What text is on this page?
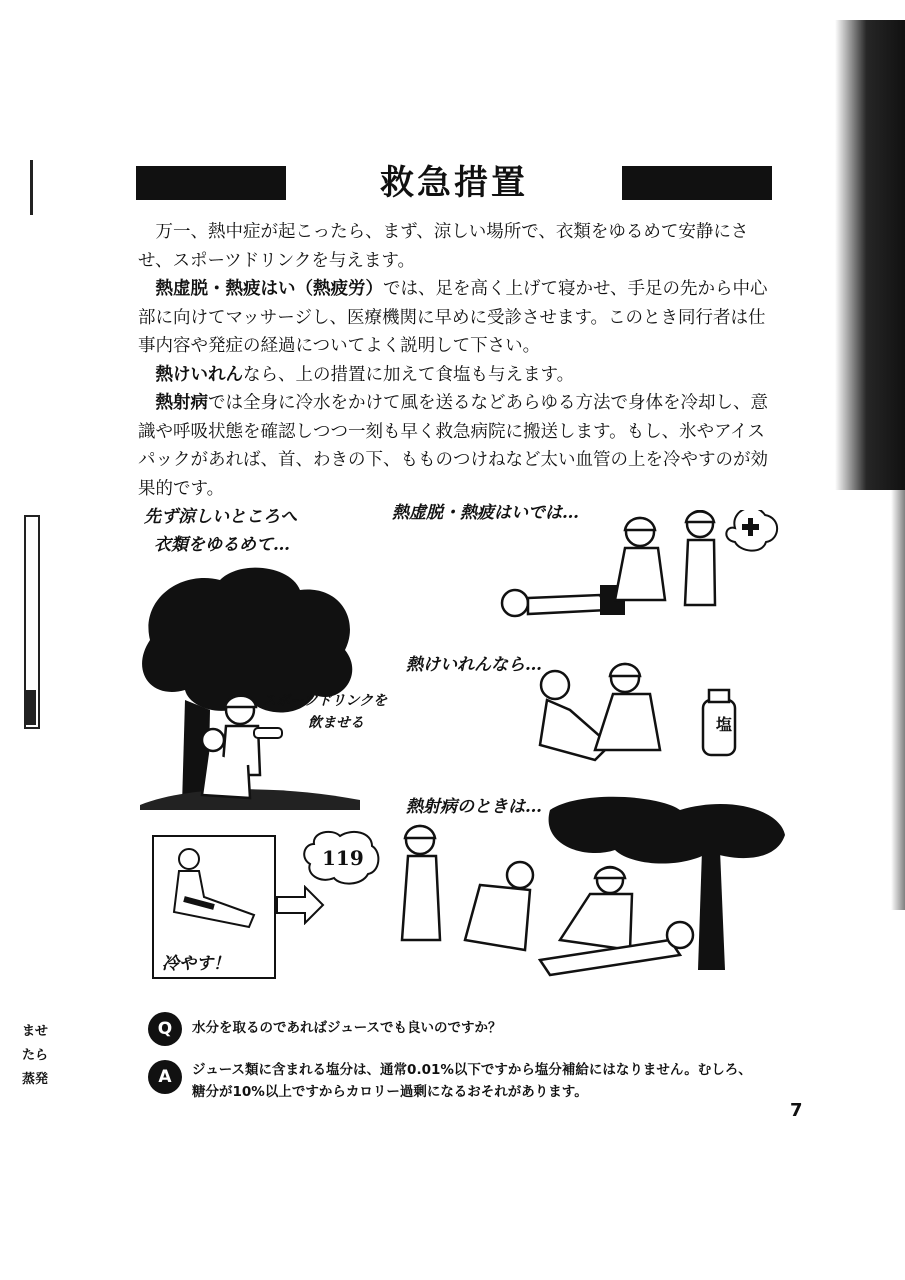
ませ
たら
蒸発
救急措置

万一、熱中症が起こったら、まず、涼しい場所で、衣類をゆるめて安静にさせ、スポーツドリンクを与えます。

熱虚脱・熱疲はい（熱疲労）では、足を高く上げて寝かせ、手足の先から中心部に向けてマッサージし、医療機関に早めに受診させます。このとき同行者は仕事内容や発症の経過についてよく説明して下さい。

熱けいれんなら、上の措置に加えて食塩も与えます。

熱射病では全身に冷水をかけて風を送るなどあらゆる方法で身体を冷却し、意識や呼吸状態を確認しつつ一刻も早く救急病院に搬送します。もし、氷やアイスパックがあれば、首、わきの下、もものつけねなど太い血管の上を冷やすのが効果的です。

先ず涼しいところへ
衣類をゆるめて…
スポーツドリンクを
飲ませる
熱虚脱・熱疲はいでは…
熱けいれんなら…
塩
熱射病のときは…
冷やす！
119
Q	水分を取るのであればジュースでも良いのですか？
A	ジュース類に含まれる塩分は、通常0.01%以下ですから塩分補給にはなりません。むしろ、
糖分が10%以上ですからカロリー過剰になるおそれがあります。
7
